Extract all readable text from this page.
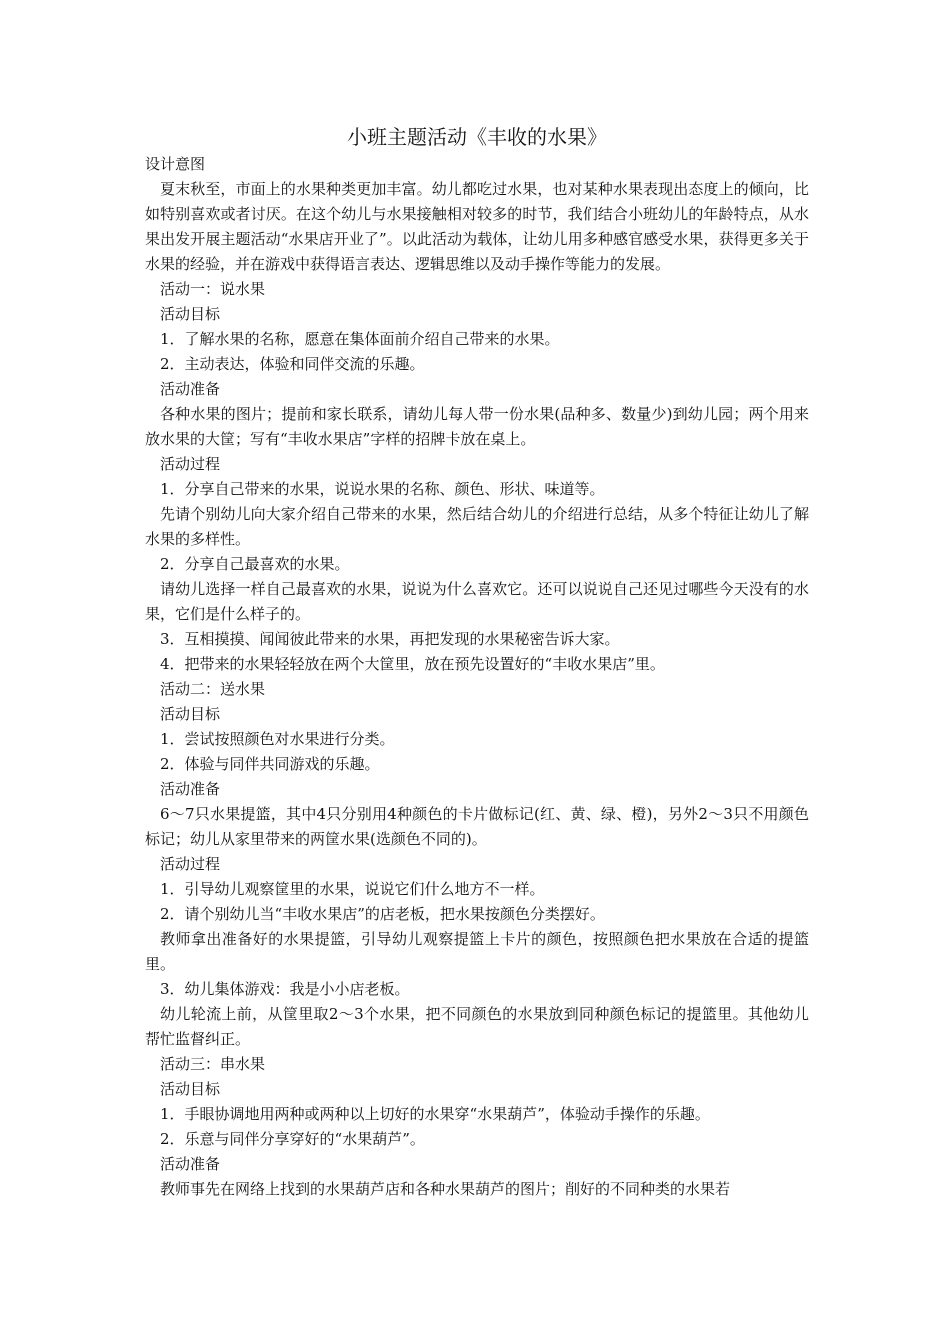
小班主题活动《丰收的水果》

设计意图

夏末秋至，市面上的水果种类更加丰富。幼儿都吃过水果，也对某种水果表现出态度上的倾向，比如特别喜欢或者讨厌。在这个幼儿与水果接触相对较多的时节，我们结合小班幼儿的年龄特点，从水果出发开展主题活动“水果店开业了”。以此活动为载体，让幼儿用多种感官感受水果，获得更多关于水果的经验，并在游戏中获得语言表达、逻辑思维以及动手操作等能力的发展。

活动一：说水果

活动目标

1．了解水果的名称，愿意在集体面前介绍自己带来的水果。

2．主动表达，体验和同伴交流的乐趣。

活动准备

各种水果的图片；提前和家长联系，请幼儿每人带一份水果(品种多、数量少)到幼儿园；两个用来放水果的大筐；写有“丰收水果店”字样的招牌卡放在桌上。

活动过程

1．分享自己带来的水果，说说水果的名称、颜色、形状、味道等。

先请个别幼儿向大家介绍自己带来的水果，然后结合幼儿的介绍进行总结，从多个特征让幼儿了解水果的多样性。

2．分享自己最喜欢的水果。

请幼儿选择一样自己最喜欢的水果，说说为什么喜欢它。还可以说说自己还见过哪些今天没有的水果，它们是什么样子的。

3．互相摸摸、闻闻彼此带来的水果，再把发现的水果秘密告诉大家。

4．把带来的水果轻轻放在两个大筐里，放在预先设置好的“丰收水果店”里。

活动二：送水果

活动目标

1．尝试按照颜色对水果进行分类。

2．体验与同伴共同游戏的乐趣。

活动准备

6～7只水果提篮，其中4只分别用4种颜色的卡片做标记(红、黄、绿、橙)，另外2～3只不用颜色标记；幼儿从家里带来的两筐水果(选颜色不同的)。

活动过程

1．引导幼儿观察筐里的水果，说说它们什么地方不一样。

2．请个别幼儿当“丰收水果店”的店老板，把水果按颜色分类摆好。

教师拿出准备好的水果提篮，引导幼儿观察提篮上卡片的颜色，按照颜色把水果放在合适的提篮里。

3．幼儿集体游戏：我是小小店老板。

幼儿轮流上前，从筐里取2～3个水果，把不同颜色的水果放到同种颜色标记的提篮里。其他幼儿帮忙监督纠正。

活动三：串水果

活动目标

1．手眼协调地用两种或两种以上切好的水果穿“水果葫芦”，体验动手操作的乐趣。

2．乐意与同伴分享穿好的“水果葫芦”。

活动准备

教师事先在网络上找到的水果葫芦店和各种水果葫芦的图片；削好的不同种类的水果若
